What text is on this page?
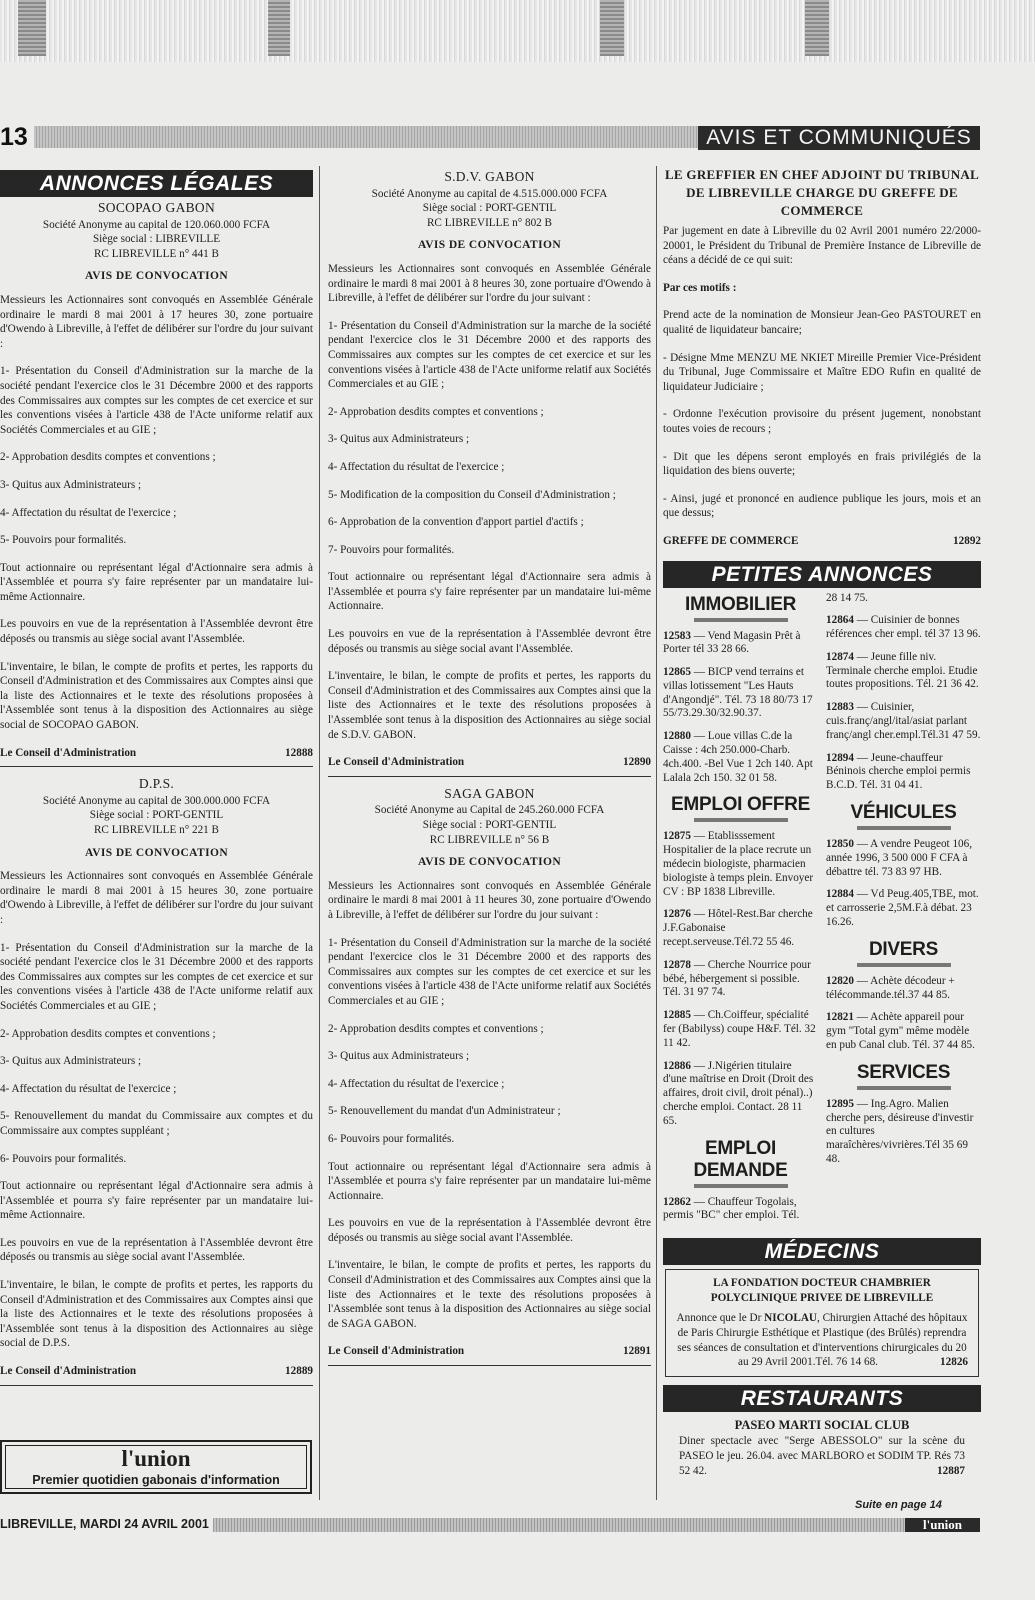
13	AVIS ET COMMUNIQUÉS
ANNONCES LÉGALES
SOCOPAO GABON
Société Anonyme au capital de 120.060.000 FCFA
Siège social : LIBREVILLE
RC LIBREVILLE n° 441 B
AVIS DE CONVOCATION
Messieurs les Actionnaires sont convoqués en Assemblée Générale ordinaire le mardi 8 mai 2001 à 17 heures 30, zone portuaire d'Owendo à Libreville, à l'effet de délibérer sur l'ordre du jour suivant :
1- Présentation du Conseil d'Administration sur la marche de la société pendant l'exercice clos le 31 Décembre 2000 et des rapports des Commissaires aux comptes sur les comptes de cet exercice et sur les conventions visées à l'article 438 de l'Acte uniforme relatif aux Sociétés Commerciales et au GIE ;
2- Approbation desdits comptes et conventions ;
3- Quitus aux Administrateurs ;
4- Affectation du résultat de l'exercice ;
5- Pouvoirs pour formalités.
Tout actionnaire ou représentant légal d'Actionnaire sera admis à l'Assemblée et pourra s'y faire représenter par un mandataire lui-même Actionnaire.
Les pouvoirs en vue de la représentation à l'Assemblée devront être déposés ou transmis au siège social avant l'Assemblée.
L'inventaire, le bilan, le compte de profits et pertes, les rapports du Conseil d'Administration et des Commissaires aux Comptes ainsi que la liste des Actionnaires et le texte des résolutions proposées à l'Assemblée sont tenus à la disposition des Actionnaires au siège social de SOCOPAO GABON.
Le Conseil d'Administration	12888
D.P.S.
Société Anonyme au capital de 300.000.000 FCFA
Siège social : PORT-GENTIL
RC LIBREVILLE n° 221 B
AVIS DE CONVOCATION
Messieurs les Actionnaires sont convoqués en Assemblée Générale ordinaire le mardi 8 mai 2001 à 15 heures 30, zone portuaire d'Owendo à Libreville, à l'effet de délibérer sur l'ordre du jour suivant :
1- Présentation du Conseil d'Administration sur la marche de la société pendant l'exercice clos le 31 Décembre 2000 et des rapports des Commissaires aux comptes sur les comptes de cet exercice et sur les conventions visées à l'article 438 de l'Acte uniforme relatif aux Sociétés Commerciales et au GIE ;
2- Approbation desdits comptes et conventions ;
3- Quitus aux Administrateurs ;
4- Affectation du résultat de l'exercice ;
5- Renouvellement du mandat du Commissaire aux comptes et du Commissaire aux comptes suppléant ;
6- Pouvoirs pour formalités.
Tout actionnaire ou représentant légal d'Actionnaire sera admis à l'Assemblée et pourra s'y faire représenter par un mandataire lui-même Actionnaire.
Les pouvoirs en vue de la représentation à l'Assemblée devront être déposés ou transmis au siège social avant l'Assemblée.
L'inventaire, le bilan, le compte de profits et pertes, les rapports du Conseil d'Administration et des Commissaires aux Comptes ainsi que la liste des Actionnaires et le texte des résolutions proposées à l'Assemblée sont tenus à la disposition des Actionnaires au siège social de D.P.S.
Le Conseil d'Administration	12889
l'union
Premier quotidien gabonais d'information
S.D.V. GABON
Société Anonyme au capital de 4.515.000.000 FCFA
Siège social : PORT-GENTIL
RC LIBREVILLE n° 802 B
AVIS DE CONVOCATION
Messieurs les Actionnaires sont convoqués en Assemblée Générale ordinaire le mardi 8 mai 2001 à 8 heures 30, zone portuaire d'Owendo à Libreville, à l'effet de délibérer sur l'ordre du jour suivant :
1- Présentation du Conseil d'Administration sur la marche de la société pendant l'exercice clos le 31 Décembre 2000 et des rapports des Commissaires aux comptes sur les comptes de cet exercice et sur les conventions visées à l'article 438 de l'Acte uniforme relatif aux Sociétés Commerciales et au GIE ;
2- Approbation desdits comptes et conventions ;
3- Quitus aux Administrateurs ;
4- Affectation du résultat de l'exercice ;
5- Modification de la composition du Conseil d'Administration ;
6- Approbation de la convention d'apport partiel d'actifs ;
7- Pouvoirs pour formalités.
Tout actionnaire ou représentant légal d'Actionnaire sera admis à l'Assemblée et pourra s'y faire représenter par un mandataire lui-même Actionnaire.
Les pouvoirs en vue de la représentation à l'Assemblée devront être déposés ou transmis au siège social avant l'Assemblée.
L'inventaire, le bilan, le compte de profits et pertes, les rapports du Conseil d'Administration et des Commissaires aux Comptes ainsi que la liste des Actionnaires et le texte des résolutions proposées à l'Assemblée sont tenus à la disposition des Actionnaires au siège social de S.D.V. GABON.
Le Conseil d'Administration	12890
SAGA GABON
Société Anonyme au Capital de 245.260.000 FCFA
Siège social : PORT-GENTIL
RC LIBREVILLE n° 56 B
AVIS DE CONVOCATION
Messieurs les Actionnaires sont convoqués en Assemblée Générale ordinaire le mardi 8 mai 2001 à 11 heures 30, zone portuaire d'Owendo à Libreville, à l'effet de délibérer sur l'ordre du jour suivant :
1- Présentation du Conseil d'Administration sur la marche de la société pendant l'exercice clos le 31 Décembre 2000 et des rapports des Commissaires aux comptes sur les comptes de cet exercice et sur les conventions visées à l'article 438 de l'Acte uniforme relatif aux Sociétés Commerciales et au GIE ;
2- Approbation desdits comptes et conventions ;
3- Quitus aux Administrateurs ;
4- Affectation du résultat de l'exercice ;
5- Renouvellement du mandat d'un Administrateur ;
6- Pouvoirs pour formalités.
Tout actionnaire ou représentant légal d'Actionnaire sera admis à l'Assemblée et pourra s'y faire représenter par un mandataire lui-même Actionnaire.
Les pouvoirs en vue de la représentation à l'Assemblée devront être déposés ou transmis au siège social avant l'Assemblée.
L'inventaire, le bilan, le compte de profits et pertes, les rapports du Conseil d'Administration et des Commissaires aux Comptes ainsi que la liste des Actionnaires et le texte des résolutions proposées à l'Assemblée sont tenus à la disposition des Actionnaires au siège social de SAGA GABON.
Le Conseil d'Administration	12891
LE GREFFIER EN CHEF ADJOINT DU TRIBUNAL DE LIBREVILLE CHARGE DU GREFFE DE COMMERCE
Par jugement en date à Libreville du 02 Avril 2001 numéro 22/2000-20001, le Président du Tribunal de Première Instance de Libreville de céans a décidé de ce qui suit:
Par ces motifs :
Prend acte de la nomination de Monsieur Jean-Geo PASTOURET en qualité de liquidateur bancaire;
- Désigne Mme MENZU ME NKIET Mireille Premier Vice-Président du Tribunal, Juge Commissaire et Maître EDO Rufin en qualité de liquidateur Judiciaire ;
- Ordonne l'exécution provisoire du présent jugement, nonobstant toutes voies de recours ;
- Dit que les dépens seront employés en frais privilégiés de la liquidation des biens ouverte;
- Ainsi, jugé et prononcé en audience publique les jours, mois et an que dessus;
GREFFE DE COMMERCE	12892
PETITES ANNONCES
IMMOBILIER
12583 — Vend Magasin Prêt à Porter tél 33 28 66.
12865 — BICP vend terrains et villas lotissement "Les Hauts d'Angondjé". Tél. 73 18 80/73 17 55/73.29.30/32.90.37.
12880 — Loue villas C.de la Caisse : 4ch 250.000-Charb. 4ch.400. -Bel Vue 1 2ch 140. Apt Lalala 2ch 150. 32 01 58.
EMPLOI OFFRE
12875 — Etablisssement Hospitalier de la place recrute un médecin biologiste, pharmacien biologiste à temps plein. Envoyer CV : BP 1838 Libreville.
12876 — Hôtel-Rest.Bar cherche J.F.Gabonaise recept.serveuse.Tél.72 55 46.
12878 — Cherche Nourrice pour bébé, hébergement si possible. Tél. 31 97 74.
12885 — Ch.Coiffeur, spécialité fer (Babilyss) coupe H&F. Tél. 32 11 42.
12886 — J.Nigérien titulaire d'une maîtrise en Droit (Droit des affaires, droit civil, droit pénal)..) cherche emploi. Contact. 28 11 65.
EMPLOI DEMANDE
12862 — Chauffeur Togolais, permis "BC" cher emploi. Tél.
28 14 75.
12864 — Cuisinier de bonnes références cher empl. tél 37 13 96.
12874 — Jeune fille niv. Terminale cherche emploi. Etudie toutes propositions. Tél. 21 36 42.
12883 — Cuisinier, cuis.franç/angl/ital/asiat parlant franç/angl cher.empl.Tél.31 47 59.
12894 — Jeune-chauffeur Béninois cherche emploi permis B.C.D. Tél. 31 04 41.
VÉHICULES
12850 — A vendre Peugeot 106, année 1996, 3 500 000 F CFA à débattre tél. 73 83 97 HB.
12884 — Vd Peug.405,TBE, mot. et carrosserie 2,5M.F.à débat. 23 16.26.
DIVERS
12820 — Achète décodeur + télécommande.tél.37 44 85.
12821 — Achète appareil pour gym "Total gym" même modèle en pub Canal club. Tél. 37 44 85.
SERVICES
12895 — Ing.Agro. Malien cherche pers, désireuse d'investir en cultures maraîchères/vivrières.Tél 35 69 48.
MÉDECINS
LA FONDATION DOCTEUR CHAMBRIER
POLYCLINIQUE PRIVEE DE LIBREVILLE
Annonce que le Dr NICOLAU, Chirurgien Attaché des hôpitaux de Paris Chirurgie Esthétique et Plastique (des Brûlés) reprendra ses séances de consultation et d'interventions chirurgicales du 20 au 29 Avril 2001.Tél. 76 14 68.	12826
RESTAURANTS
PASEO MARTI SOCIAL CLUB
Diner spectacle avec "Serge ABESSOLO" sur la scène du PASEO le jeu. 26.04. avec MARLBORO et SODIM TP. Rés 73 52 42.	12887
Suite en page 14
LIBREVILLE, MARDI 24 AVRIL 2001	l'union
